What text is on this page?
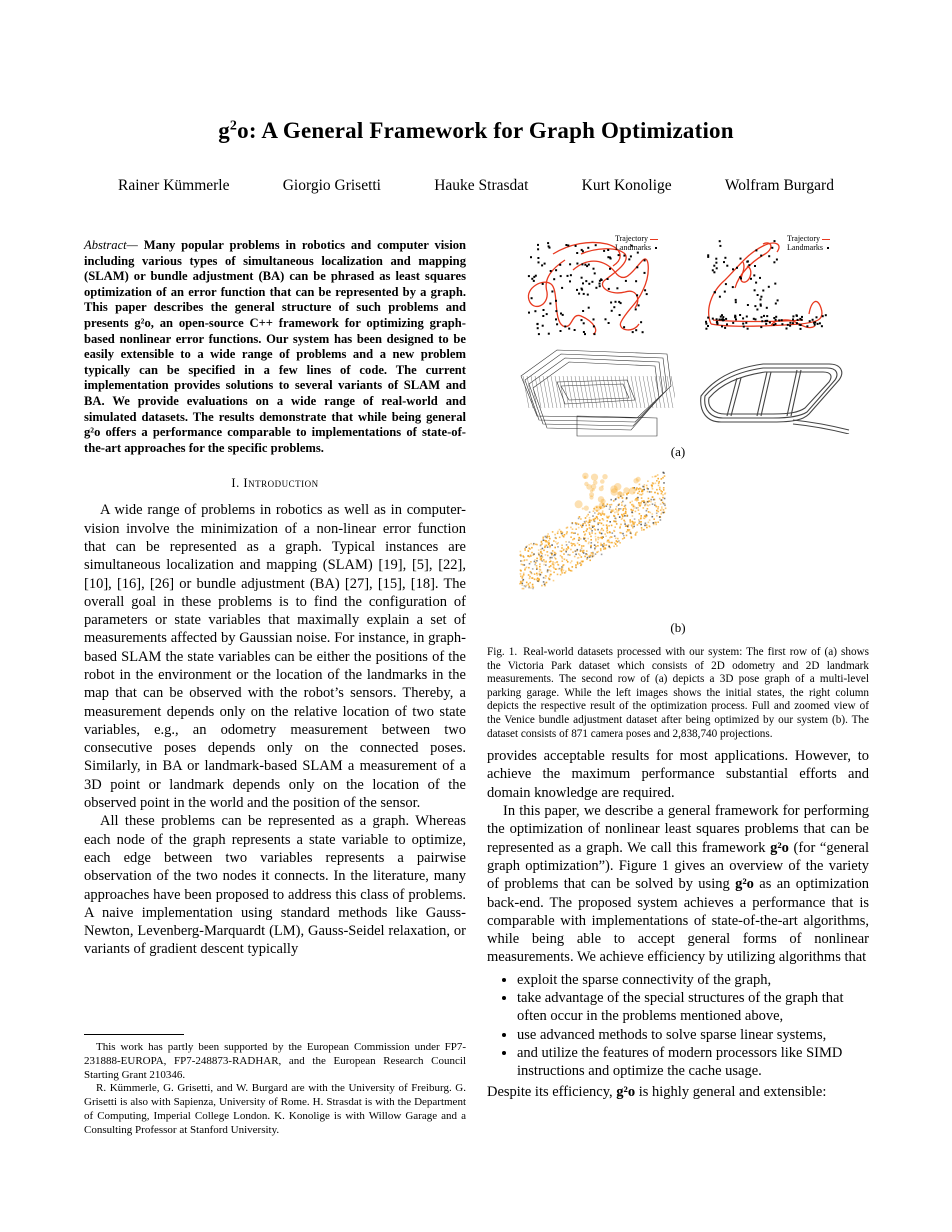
$g^2o$: A General Framework for Graph Optimization
Rainer Kümmerle	Giorgio Grisetti	Hauke Strasdat	Kurt Konolige	Wolfram Burgard
Abstract— Many popular problems in robotics and computer vision including various types of simultaneous localization and mapping (SLAM) or bundle adjustment (BA) can be phrased as least squares optimization of an error function that can be represented by a graph. This paper describes the general structure of such problems and presents g²o, an open-source C++ framework for optimizing graph-based nonlinear error functions. Our system has been designed to be easily extensible to a wide range of problems and a new problem typically can be specified in a few lines of code. The current implementation provides solutions to several variants of SLAM and BA. We provide evaluations on a wide range of real-world and simulated datasets. The results demonstrate that while being general g²o offers a performance comparable to implementations of state-of-the-art approaches for the specific problems.
I. Introduction

A wide range of problems in robotics as well as in computer-vision involve the minimization of a non-linear error function that can be represented as a graph. Typical instances are simultaneous localization and mapping (SLAM) [19], [5], [22], [10], [16], [26] or bundle adjustment (BA) [27], [15], [18]. The overall goal in these problems is to find the configuration of parameters or state variables that maximally explain a set of measurements affected by Gaussian noise. For instance, in graph-based SLAM the state variables can be either the positions of the robot in the environment or the location of the landmarks in the map that can be observed with the robot’s sensors. Thereby, a measurement depends only on the relative location of two state variables, e.g., an odometry measurement between two consecutive poses depends only on the connected poses. Similarly, in BA or landmark-based SLAM a measurement of a 3D point or landmark depends only on the location of the observed point in the world and the position of the sensor.

All these problems can be represented as a graph. Whereas each node of the graph represents a state variable to optimize, each edge between two variables represents a pairwise observation of the two nodes it connects. In the literature, many approaches have been proposed to address this class of problems. A naive implementation using standard methods like Gauss-Newton, Levenberg-Marquardt (LM), Gauss-Seidel relaxation, or variants of gradient descent typically

This work has partly been supported by the European Commission under FP7-231888-EUROPA, FP7-248873-RADHAR, and the European Research Council Starting Grant 210346.

R. Kümmerle, G. Grisetti, and W. Burgard are with the University of Freiburg. G. Grisetti is also with Sapienza, University of Rome. H. Strasdat is with the Department of Computing, Imperial College London. K. Konolige is with Willow Garage and a Consulting Professor at Stanford University.

Trajectory
Landmarks
Trajectory
Landmarks
(a)
(b)
Fig. 1. Real-world datasets processed with our system: The first row of (a) shows the Victoria Park dataset which consists of 2D odometry and 2D landmark measurements. The second row of (a) depicts a 3D pose graph of a multi-level parking garage. While the left images shows the initial states, the right column depicts the respective result of the optimization process. Full and zoomed view of the Venice bundle adjustment dataset after being optimized by our system (b). The dataset consists of 871 camera poses and 2,838,740 projections.

provides acceptable results for most applications. However, to achieve the maximum performance substantial efforts and domain knowledge are required.

In this paper, we describe a general framework for performing the optimization of nonlinear least squares problems that can be represented as a graph. We call this framework g²o (for “general graph optimization”). Figure 1 gives an overview of the variety of problems that can be solved by using g²o as an optimization back-end. The proposed system achieves a performance that is comparable with implementations of state-of-the-art algorithms, while being able to accept general forms of nonlinear measurements. We achieve efficiency by utilizing algorithms that

• exploit the sparse connectivity of the graph,
• take advantage of the special structures of the graph that often occur in the problems mentioned above,
• use advanced methods to solve sparse linear systems,
• and utilize the features of modern processors like SIMD instructions and optimize the cache usage.

Despite its efficiency, g²o is highly general and extensible:
